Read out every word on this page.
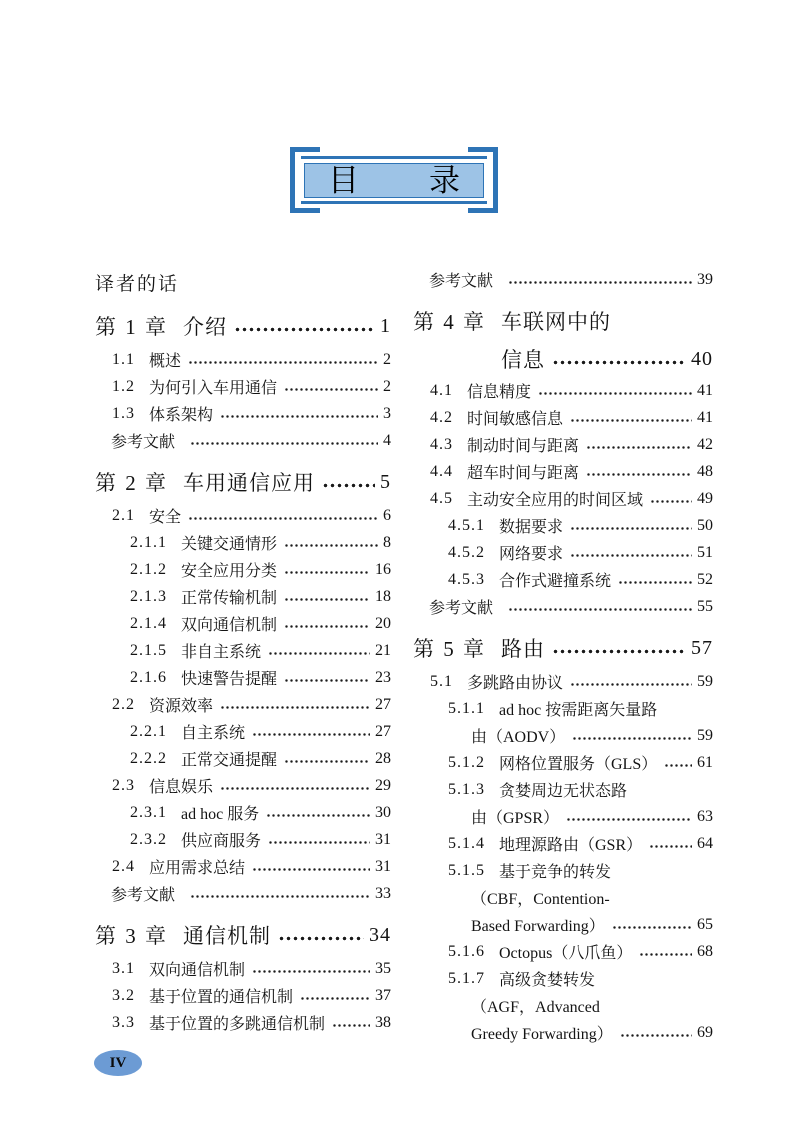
目 录
译者的话
第 1 章 介绍	1
1.1 概述	2
1.2 为何引入车用通信	2
1.3 体系架构	3
参考文献	4
第 2 章 车用通信应用	5
2.1 安全	6
2.1.1 关键交通情形	8
2.1.2 安全应用分类	16
2.1.3 正常传输机制	18
2.1.4 双向通信机制	20
2.1.5 非自主系统	21
2.1.6 快速警告提醒	23
2.2 资源效率	27
2.2.1 自主系统	27
2.2.2 正常交通提醒	28
2.3 信息娱乐	29
2.3.1 ad hoc 服务	30
2.3.2 供应商服务	31
2.4 应用需求总结	31
参考文献	33
第 3 章 通信机制	34
3.1 双向通信机制	35
3.2 基于位置的通信机制	37
3.3 基于位置的多跳通信机制	38
参考文献	39
第 4 章 车联网中的
信息	40
4.1 信息精度	41
4.2 时间敏感信息	41
4.3 制动时间与距离	42
4.4 超车时间与距离	48
4.5 主动安全应用的时间区域	49
4.5.1 数据要求	50
4.5.2 网络要求	51
4.5.3 合作式避撞系统	52
参考文献	55
第 5 章 路由	57
5.1 多跳路由协议	59
5.1.1 ad hoc 按需距离矢量路
由（AODV）	59
5.1.2 网格位置服务（GLS） 61
5.1.3 贪婪周边无状态路
由（GPSR）	63
5.1.4 地理源路由（GSR）	64
5.1.5 基于竞争的转发
（CBF，Contention-
Based Forwarding）	65
5.1.6 Octopus（八爪鱼）	68
5.1.7 高级贪婪转发
（AGF，Advanced
Greedy Forwarding）	69
IV
